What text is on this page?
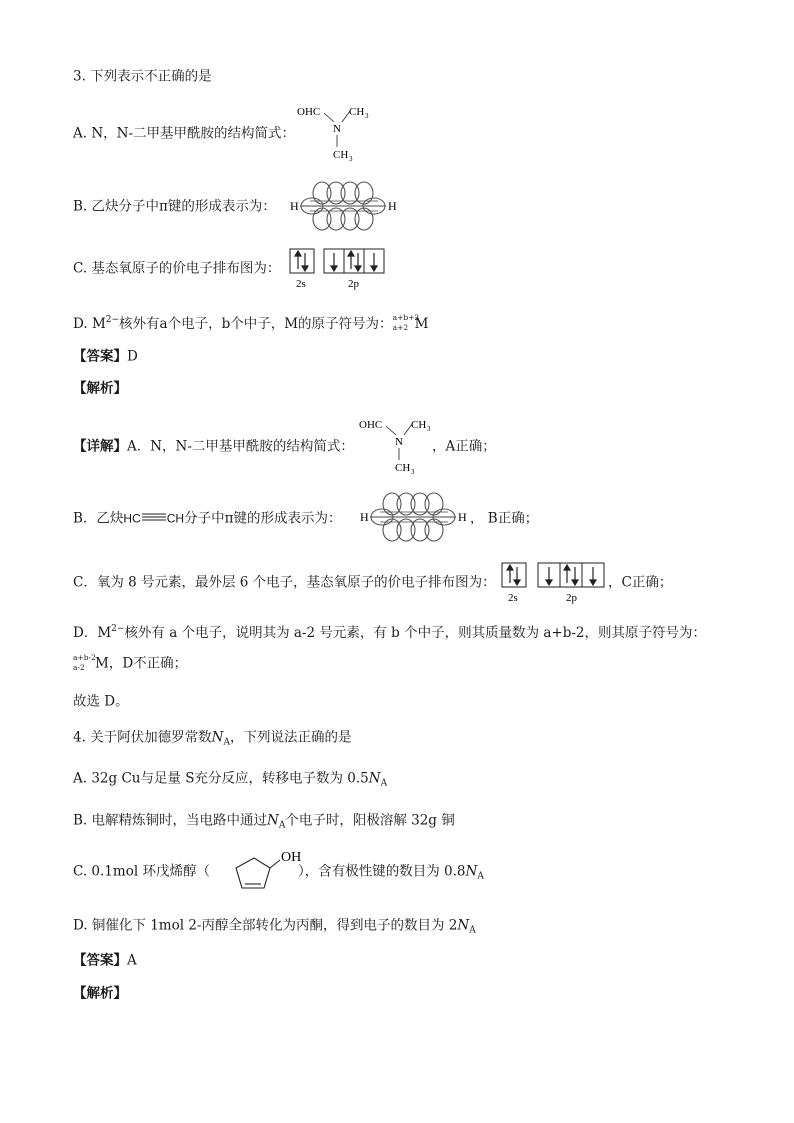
3. 下列表示不正确的是
A. N，N-二甲基甲酰胺的结构简式：
OHC
N
CH 3
CH 3
B. 乙炔分子中π键的形成表示为： H	H
C. 基态氧原子的价电子排布图为：
2s	2p
D. $M^{2-}$核外有a个电子，b个中子，M的原子符号为： a+b+2
a+2 M
【答案】D
【解析】
【详解】A．N，N-二甲基甲酰胺的结构简式：
OHC
N
CH 3
CH 3
，A正确；
B．乙炔HC CH分子中π键的形成表示为： H	H ， B正确；
C．氧为 8 号元素，最外层 6 个电子，基态氧原子的价电子排布图为：
2s	2p
，C正确；
D．$M^{2-}$核外有 a 个电子，说明其为 a-2 号元素，有 b 个中子，则其质量数为 a+b-2，则其原子符号为：
a+b-2
a-2 M，D不正确；
故选 D。
4. 关于阿伏加德罗常数$N_A$，下列说法正确的是
A. 32g Cu与足量 S充分反应，转移电子数为 $0.5N_A$
B. 电解精炼铜时，当电路中通过$N_A$个电子时，阳极溶解 32g 铜
C. 0.1mol 环戊烯醇（
OH
），含有极性键的数目为 $0.8N_A$
D. 铜催化下 1mol 2-丙醇全部转化为丙酮，得到电子的数目为 $2N_A$
【答案】A
【解析】
